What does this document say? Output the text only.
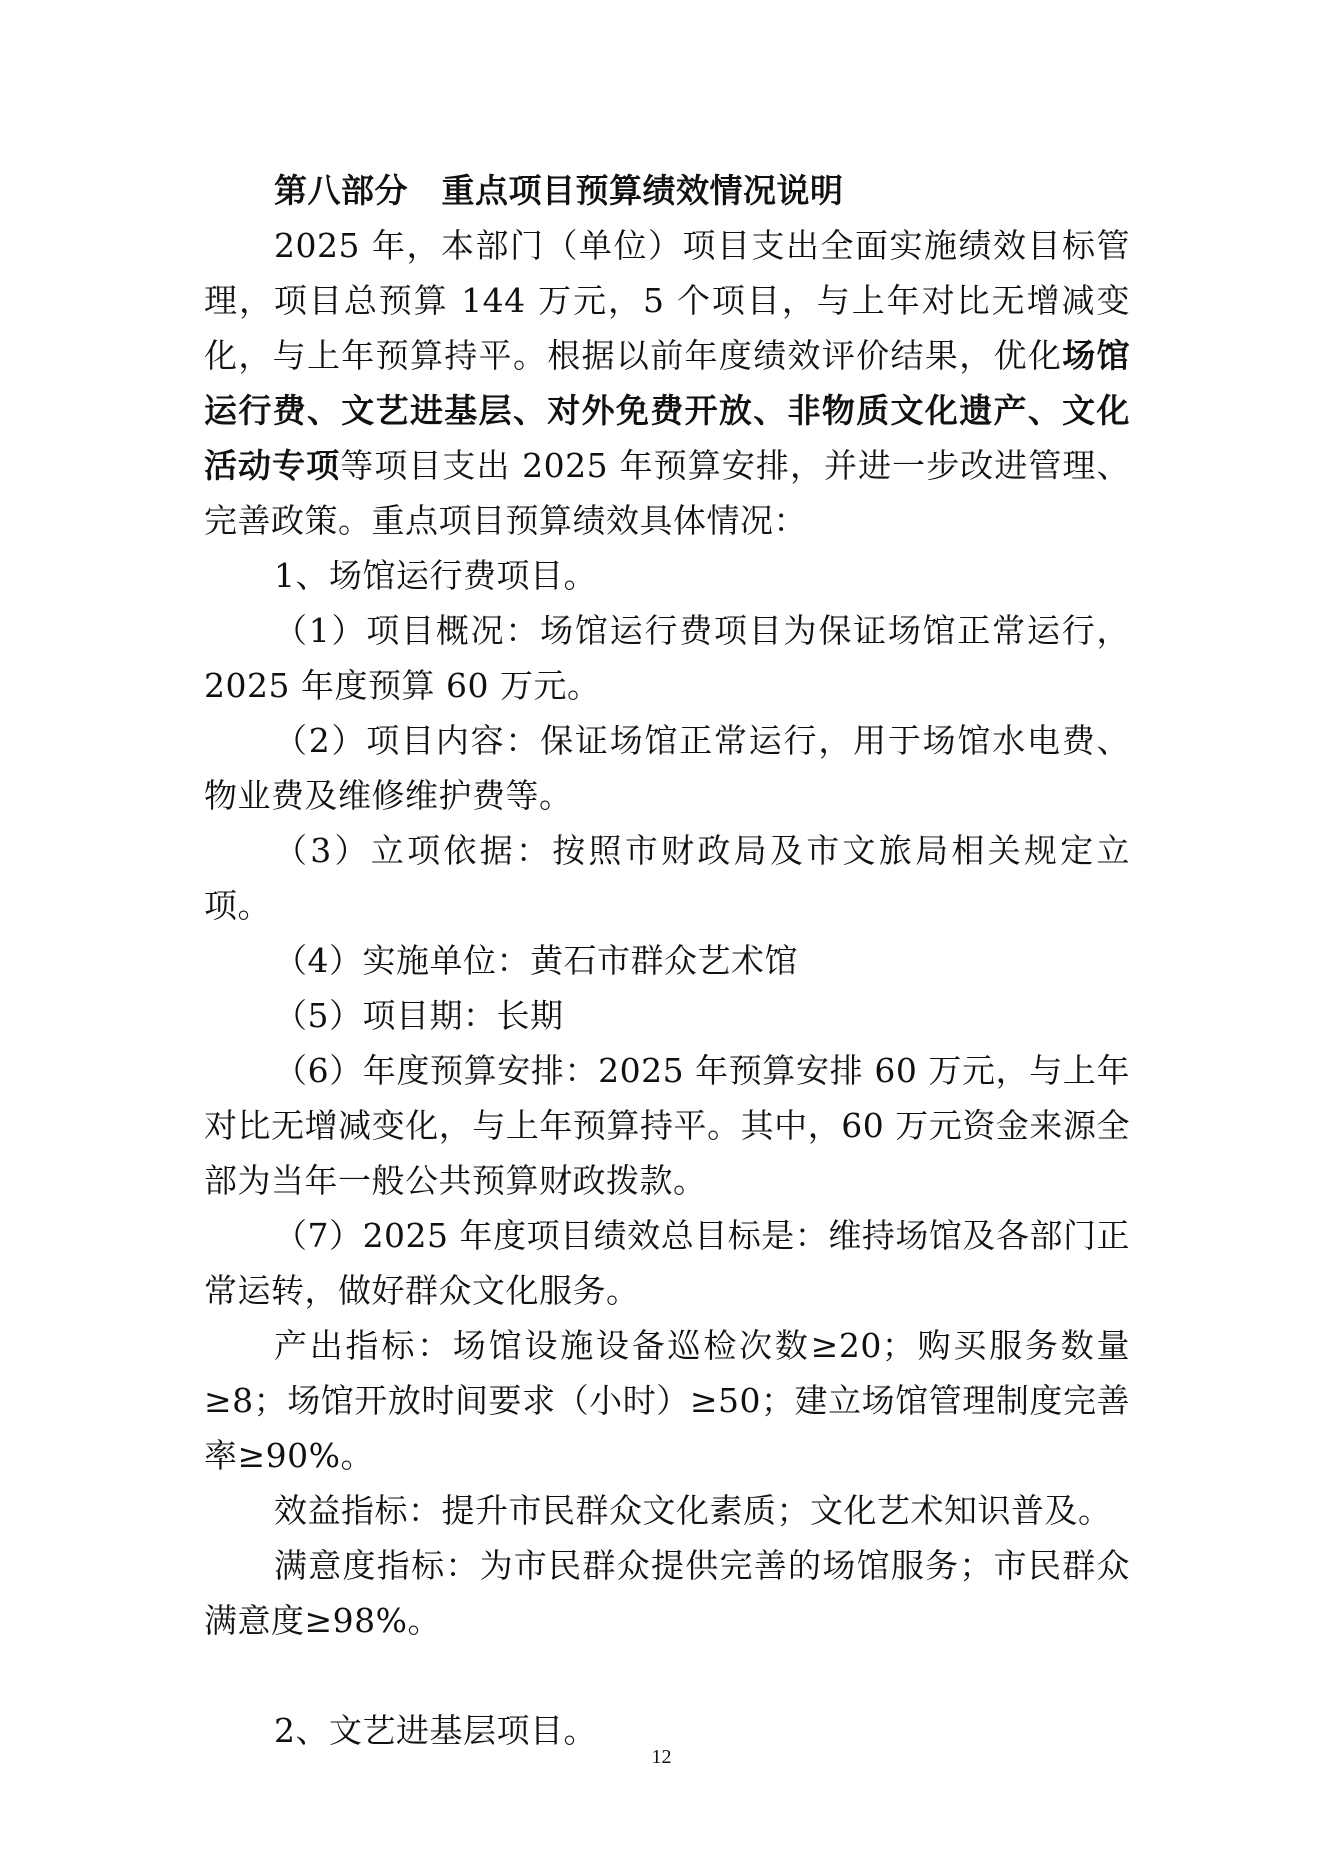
第八部分　重点项目预算绩效情况说明

2025 年，本部门（单位）项目支出全面实施绩效目标管理，项目总预算 144 万元，5 个项目，与上年对比无增减变化，与上年预算持平。根据以前年度绩效评价结果，优化场馆运行费、文艺进基层、对外免费开放、非物质文化遗产、文化活动专项等项目支出 2025 年预算安排，并进一步改进管理、完善政策。重点项目预算绩效具体情况：

1、场馆运行费项目。

（1）项目概况：场馆运行费项目为保证场馆正常运行，2025 年度预算 60 万元。

（2）项目内容：保证场馆正常运行，用于场馆水电费、物业费及维修维护费等。

（3）立项依据：按照市财政局及市文旅局相关规定立项。

（4）实施单位：黄石市群众艺术馆

（5）项目期：长期

（6）年度预算安排：2025 年预算安排 60 万元，与上年对比无增减变化，与上年预算持平。其中，60 万元资金来源全部为当年一般公共预算财政拨款。

（7）2025 年度项目绩效总目标是：维持场馆及各部门正常运转，做好群众文化服务。

产出指标：场馆设施设备巡检次数≥20；购买服务数量≥8；场馆开放时间要求（小时）≥50；建立场馆管理制度完善率≥90%。

效益指标：提升市民群众文化素质；文化艺术知识普及。

满意度指标：为市民群众提供完善的场馆服务；市民群众满意度≥98%。

2、文艺进基层项目。

12
